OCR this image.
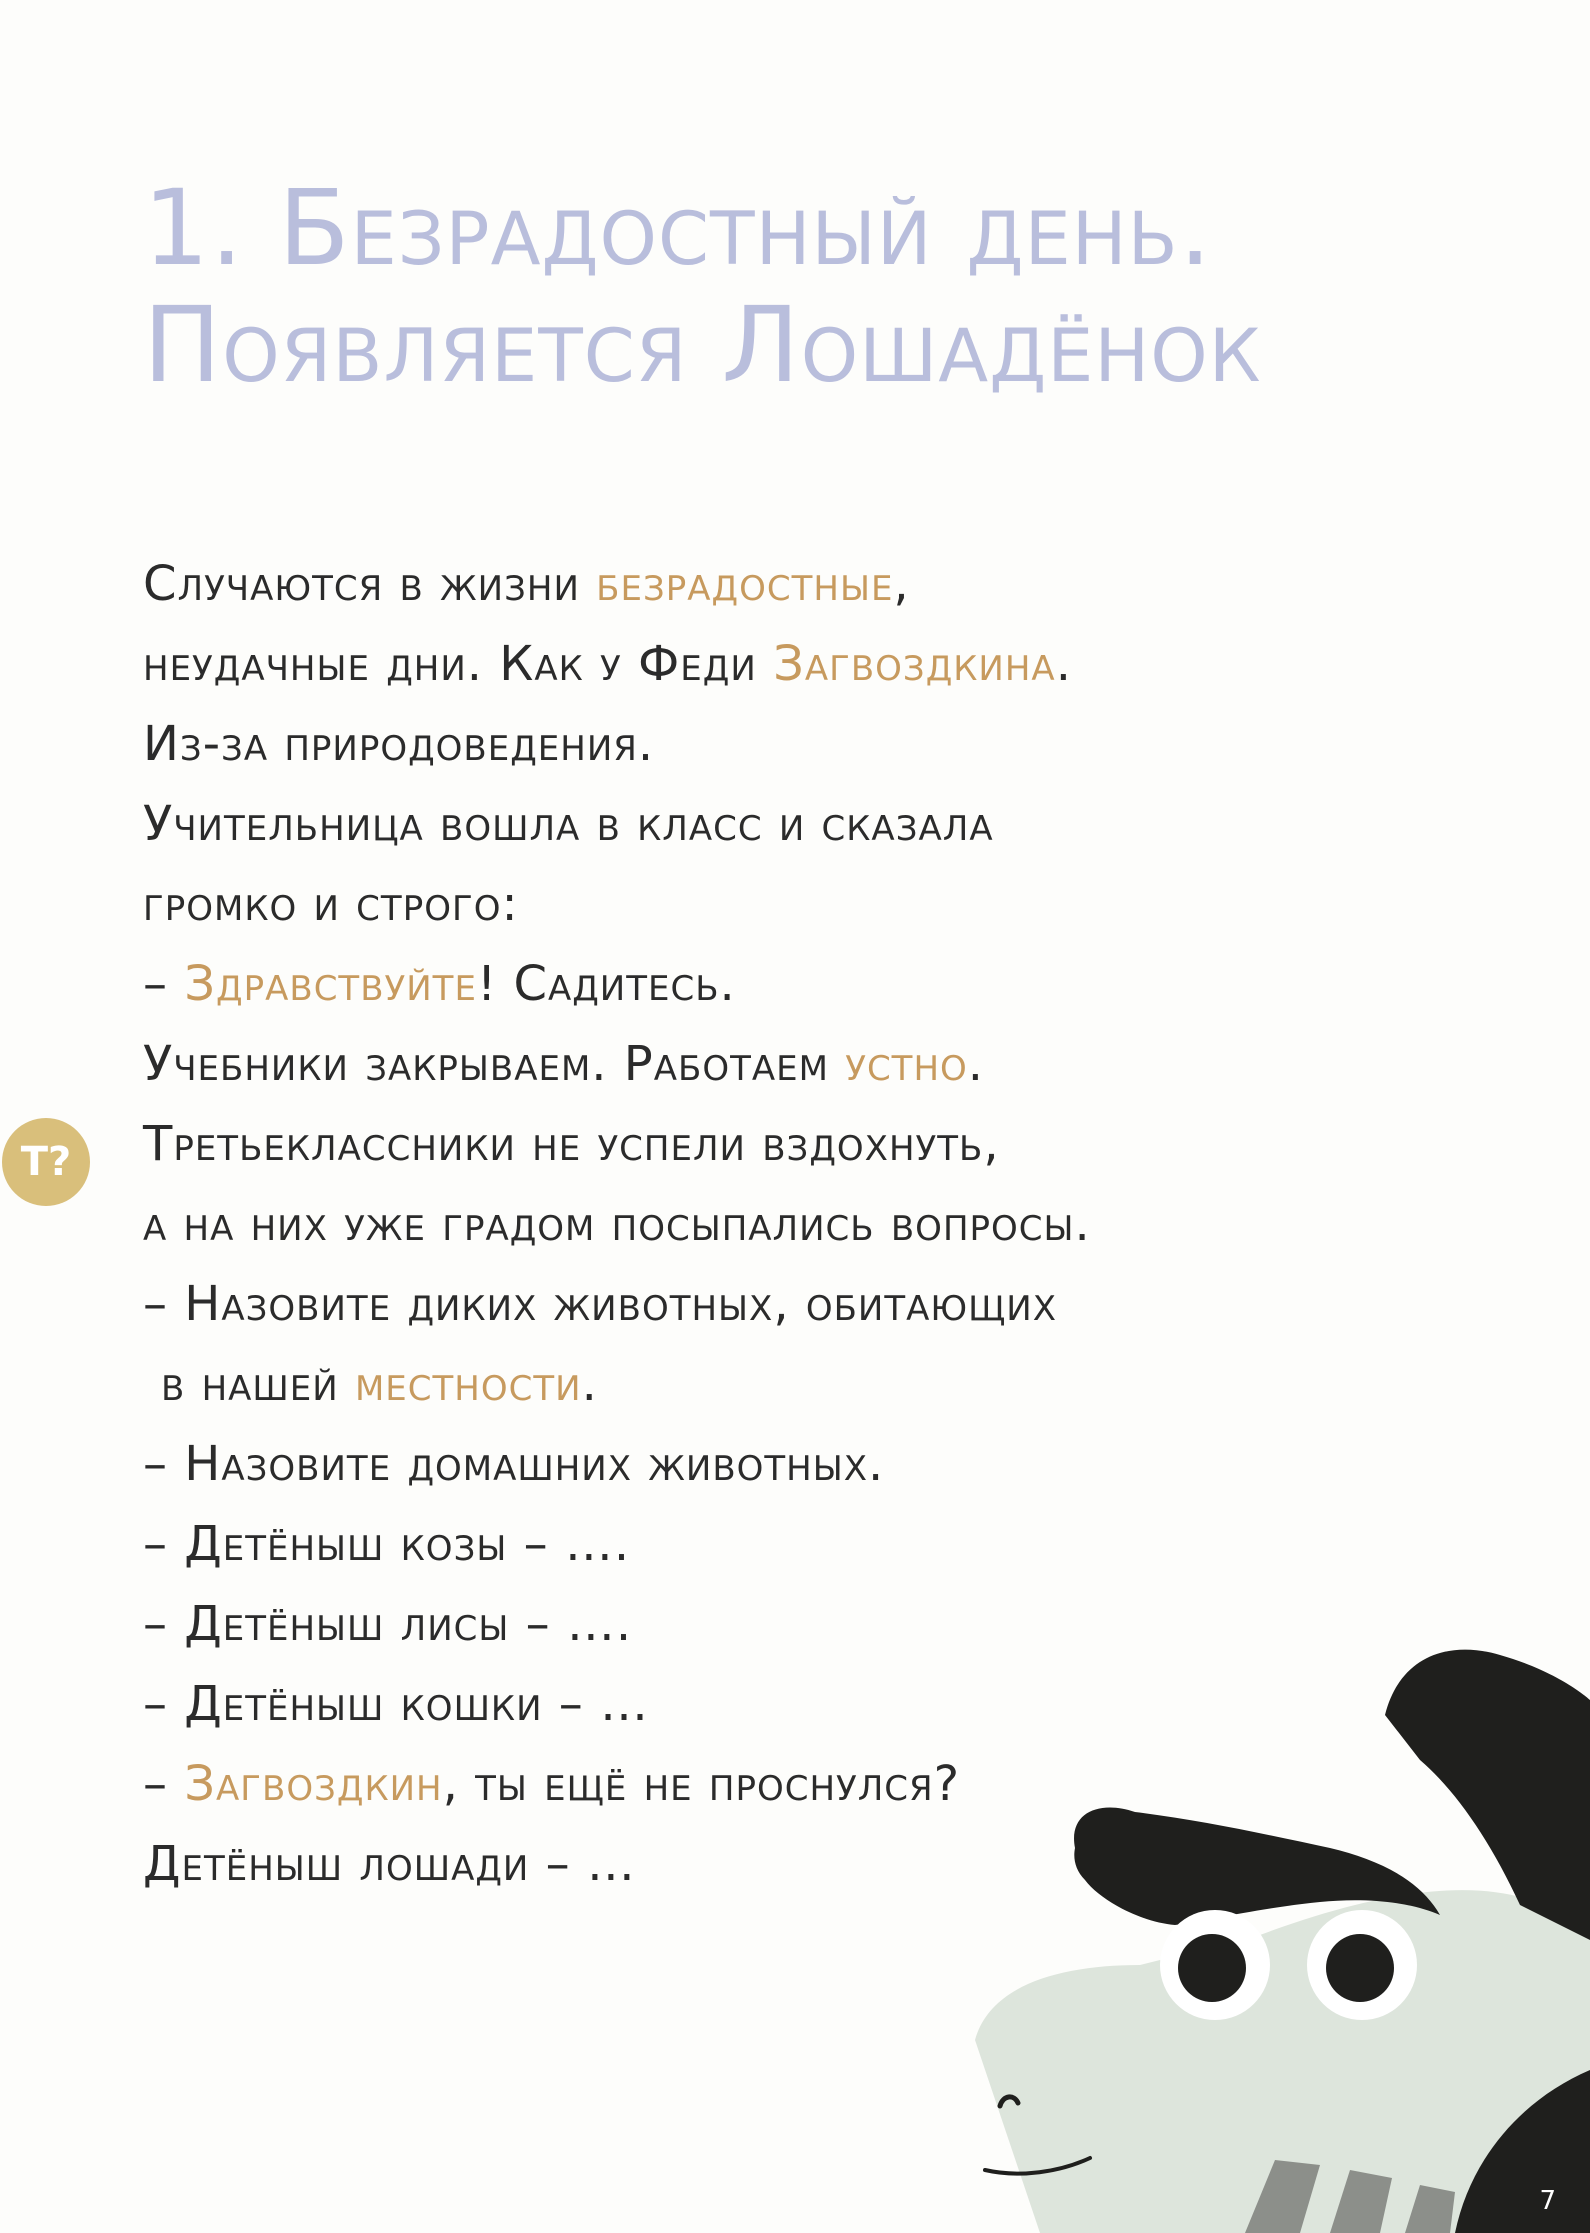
1. Безрадостный день.
Появляется Лошадёнок
Случаются в жизни безрадостные,
неудачные дни. Как у Феди Загвоздкина.
Из-за природоведения.
Учительница вошла в класс и сказала
громко и строго:
– Здравствуйте! Садитесь.
Учебники закрываем. Работаем устно.
Третьеклассники не успели вздохнуть,
а на них уже градом посыпались вопросы.
– Назовите диких животных, обитающих
в нашей местности.
– Назовите домашних животных.
– Детёныш козы – ….
– Детёныш лисы – ….
– Детёныш кошки – …
– Загвоздкин, ты ещё не проснулся?
Детёныш лошади – …
Т?
7
